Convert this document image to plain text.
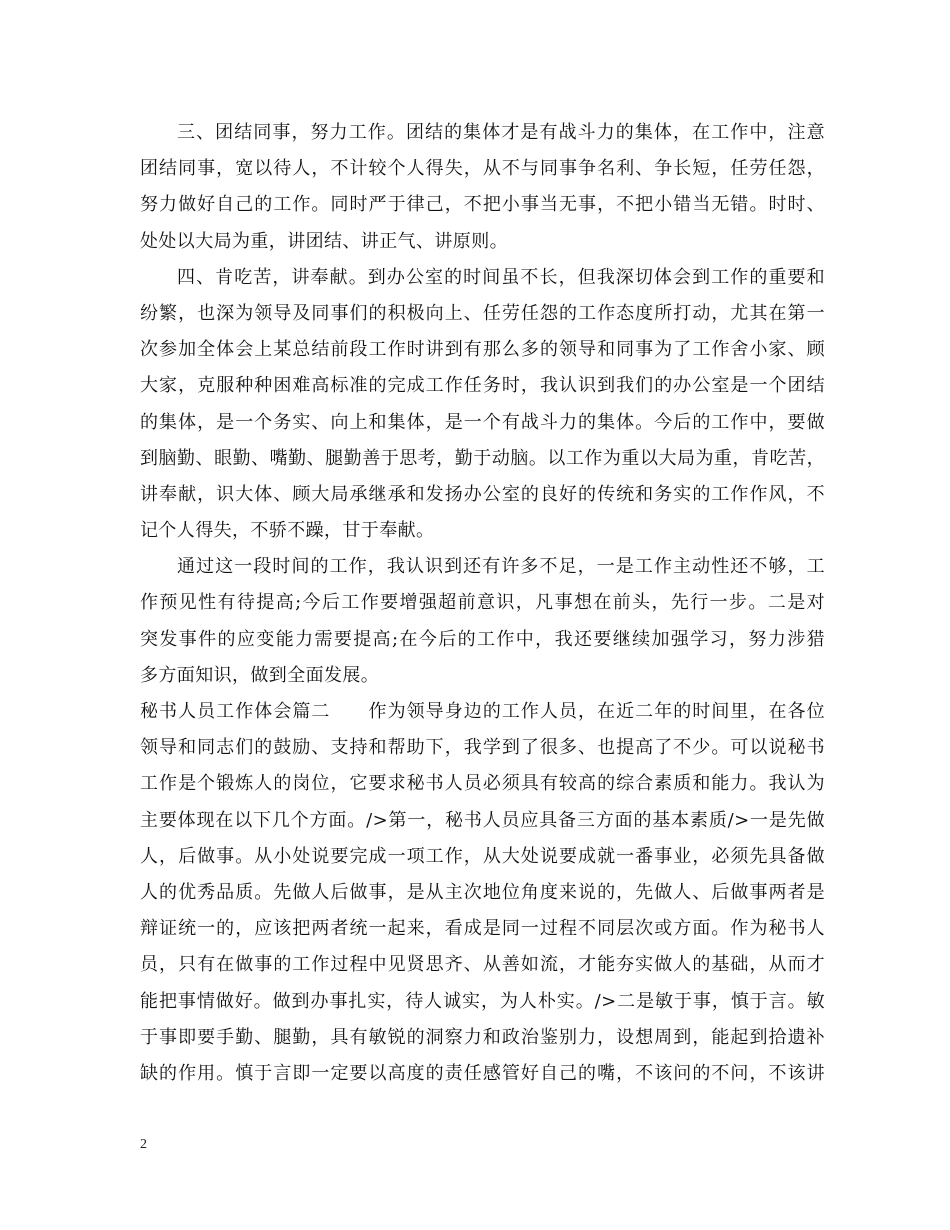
三、团结同事，努力工作。团结的集体才是有战斗力的集体，在工作中，注意
团结同事，宽以待人，不计较个人得失，从不与同事争名利、争长短，任劳任怨，
努力做好自己的工作。同时严于律己，不把小事当无事，不把小错当无错。时时、
处处以大局为重，讲团结、讲正气、讲原则。
四、肯吃苦，讲奉献。到办公室的时间虽不长，但我深切体会到工作的重要和
纷繁，也深为领导及同事们的积极向上、任劳任怨的工作态度所打动，尤其在第一
次参加全体会上某总结前段工作时讲到有那么多的领导和同事为了工作舍小家、顾
大家，克服种种困难高标准的完成工作任务时，我认识到我们的办公室是一个团结
的集体，是一个务实、向上和集体，是一个有战斗力的集体。今后的工作中，要做
到脑勤、眼勤、嘴勤、腿勤善于思考，勤于动脑。以工作为重以大局为重，肯吃苦，
讲奉献，识大体、顾大局承继承和发扬办公室的良好的传统和务实的工作作风，不
记个人得失，不骄不躁，甘于奉献。
通过这一段时间的工作，我认识到还有许多不足，一是工作主动性还不够，工
作预见性有待提高;今后工作要增强超前意识，凡事想在前头，先行一步。二是对
突发事件的应变能力需要提高;在今后的工作中，我还要继续加强学习，努力涉猎
多方面知识，做到全面发展。
秘书人员工作体会篇二　　作为领导身边的工作人员，在近二年的时间里，在各位
领导和同志们的鼓励、支持和帮助下，我学到了很多、也提高了不少。可以说秘书
工作是个锻炼人的岗位，它要求秘书人员必须具有较高的综合素质和能力。我认为
主要体现在以下几个方面。/>第一，秘书人员应具备三方面的基本素质/>一是先做
人，后做事。从小处说要完成一项工作，从大处说要成就一番事业，必须先具备做
人的优秀品质。先做人后做事，是从主次地位角度来说的，先做人、后做事两者是
辩证统一的，应该把两者统一起来，看成是同一过程不同层次或方面。作为秘书人
员，只有在做事的工作过程中见贤思齐、从善如流，才能夯实做人的基础，从而才
能把事情做好。做到办事扎实，待人诚实，为人朴实。/>二是敏于事，慎于言。敏
于事即要手勤、腿勤，具有敏锐的洞察力和政治鉴别力，设想周到，能起到拾遗补
缺的作用。慎于言即一定要以高度的责任感管好自己的嘴，不该问的不问，不该讲
2
